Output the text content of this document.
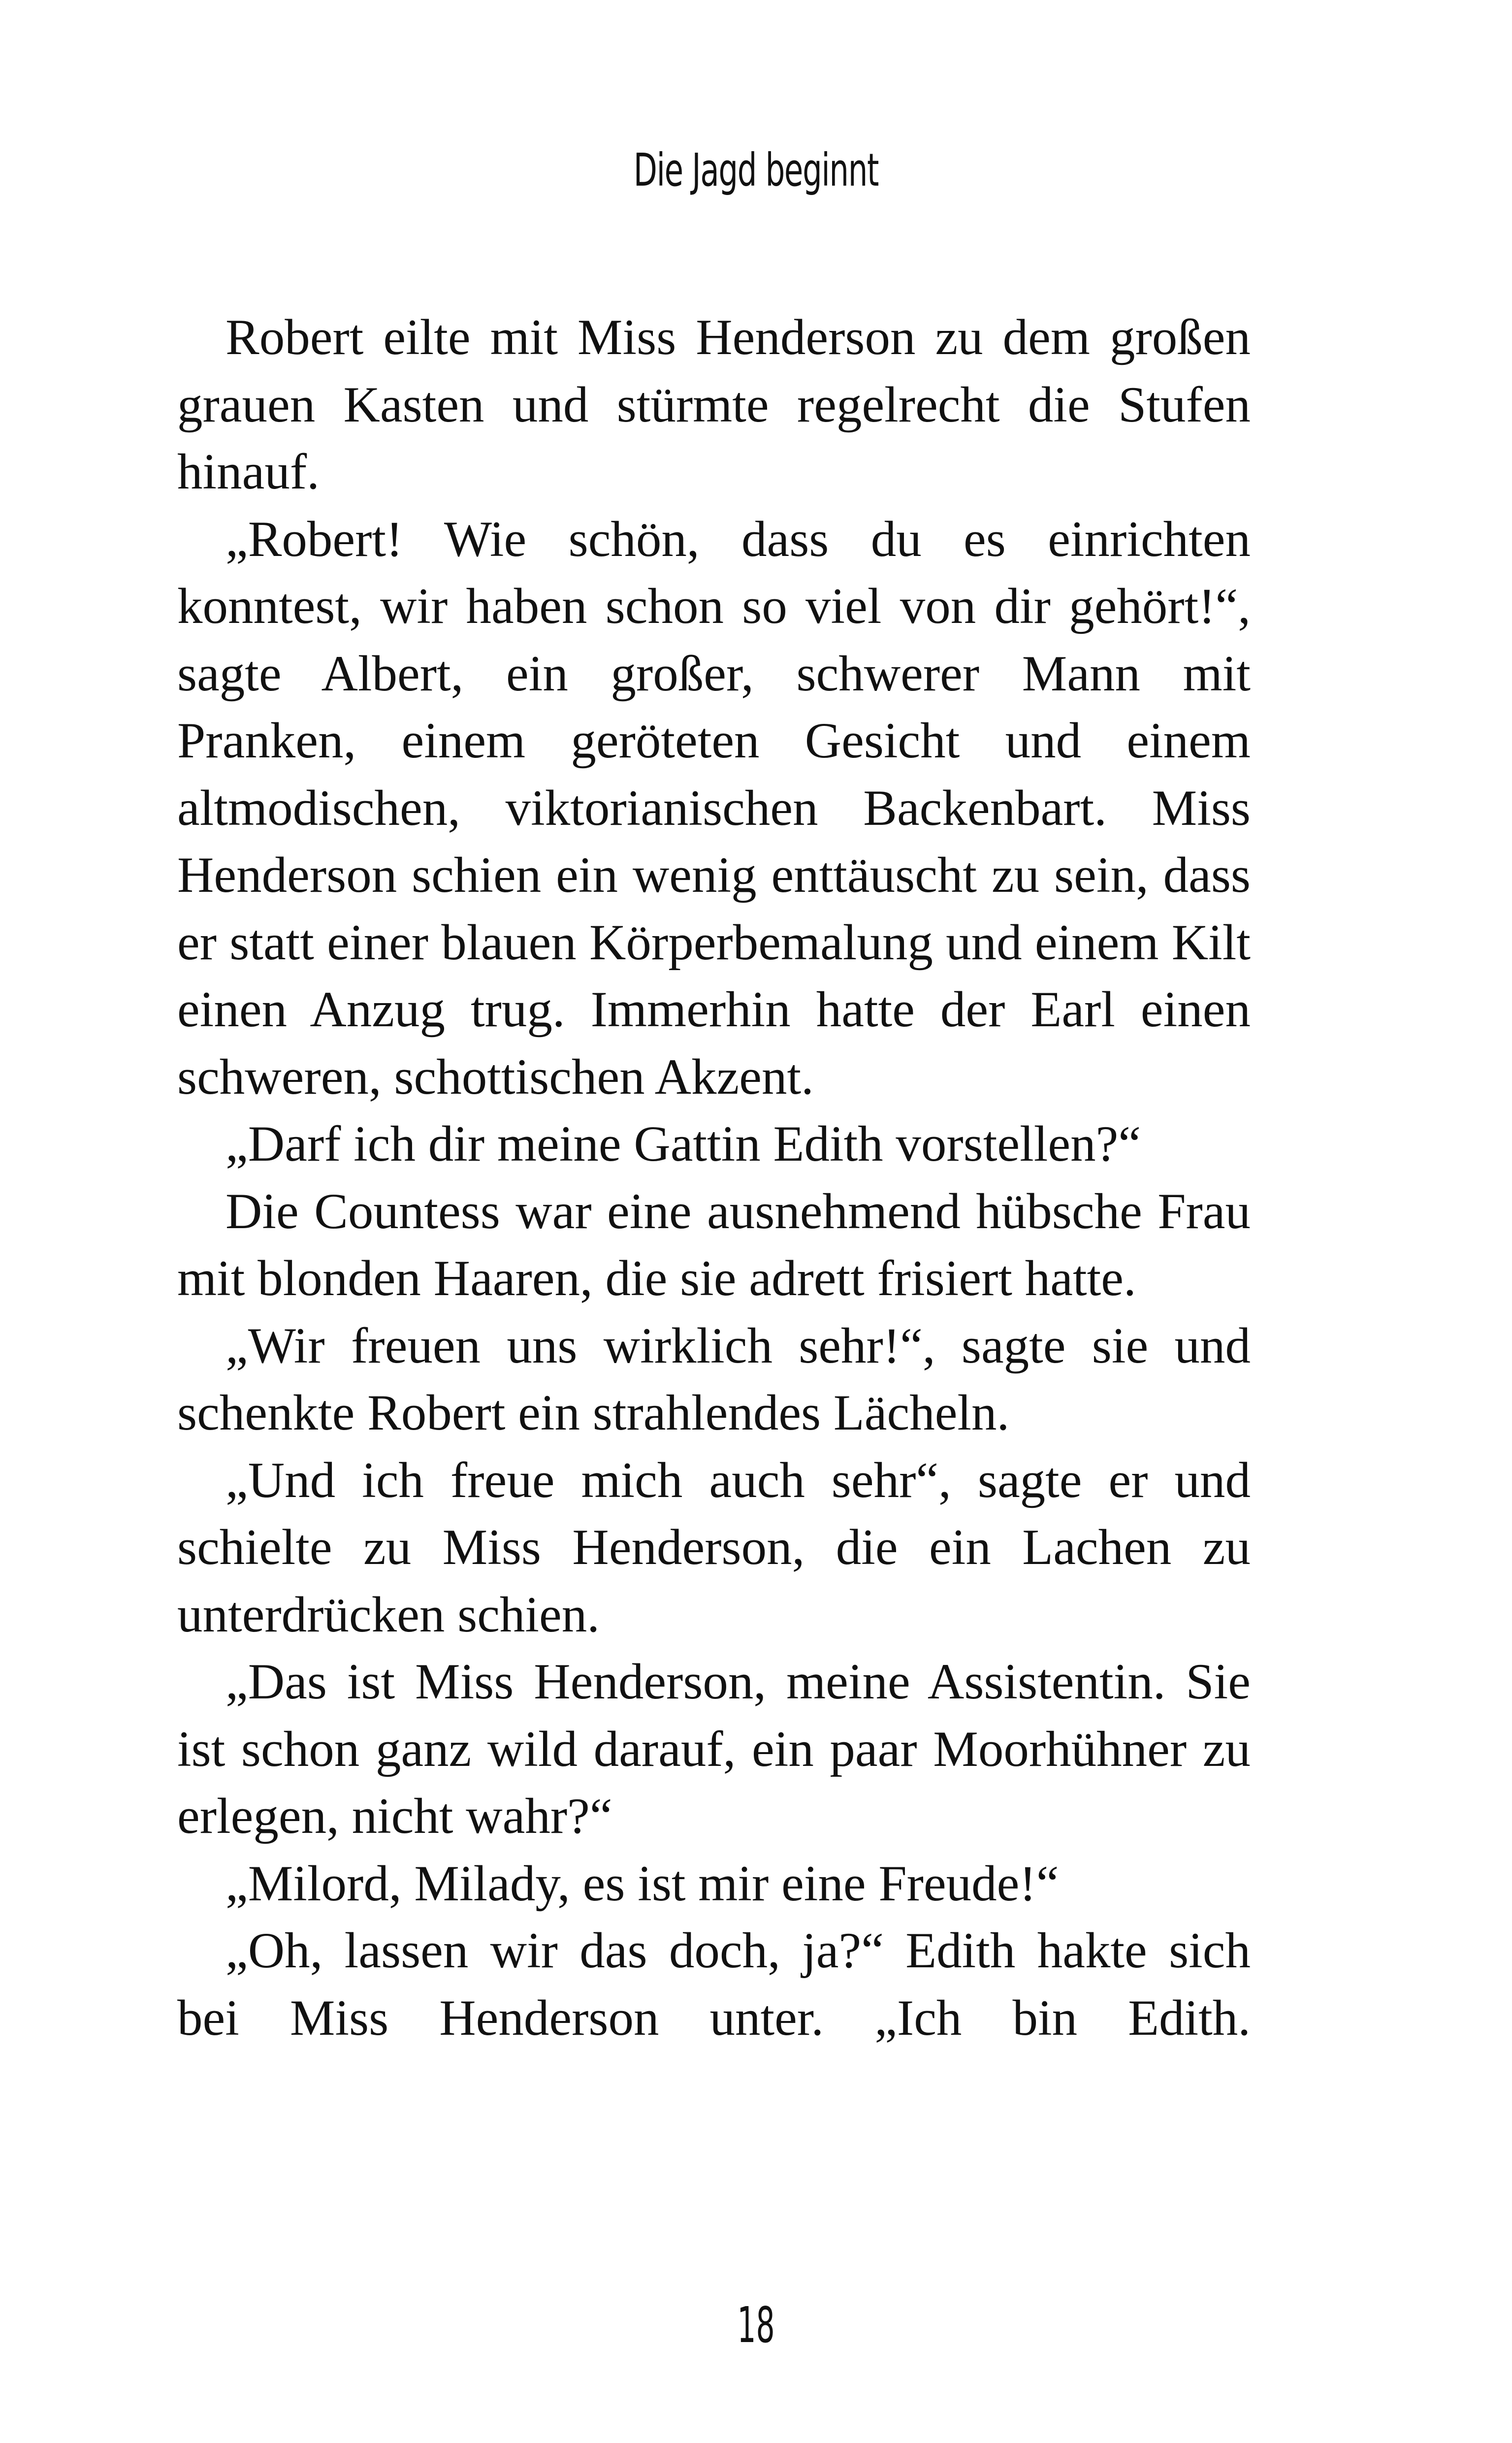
Die Jagd beginnt

Robert eilte mit Miss Henderson zu dem großen grauen Kasten und stürmte regelrecht die Stufen hinauf.

„Robert! Wie schön, dass du es einrichten konntest, wir haben schon so viel von dir gehört!“, sagte Albert, ein großer, schwerer Mann mit Pranken, einem geröteten Gesicht und einem altmodischen, viktorianischen Backenbart. Miss Henderson schien ein wenig enttäuscht zu sein, dass er statt einer blauen Körperbemalung und einem Kilt einen Anzug trug. Immerhin hatte der Earl einen schweren, schottischen Akzent.

„Darf ich dir meine Gattin Edith vorstellen?“

Die Countess war eine ausnehmend hübsche Frau mit blonden Haaren, die sie adrett frisiert hatte.

„Wir freuen uns wirklich sehr!“, sagte sie und schenkte Robert ein strahlendes Lächeln.

„Und ich freue mich auch sehr“, sagte er und schielte zu Miss Henderson, die ein Lachen zu unterdrücken schien.

„Das ist Miss Henderson, meine Assistentin. Sie ist schon ganz wild darauf, ein paar Moorhühner zu erlegen, nicht wahr?“

„Milord, Milady, es ist mir eine Freude!“

„Oh, lassen wir das doch, ja?“ Edith hakte sich bei Miss Henderson unter. „Ich bin Edith.

18
